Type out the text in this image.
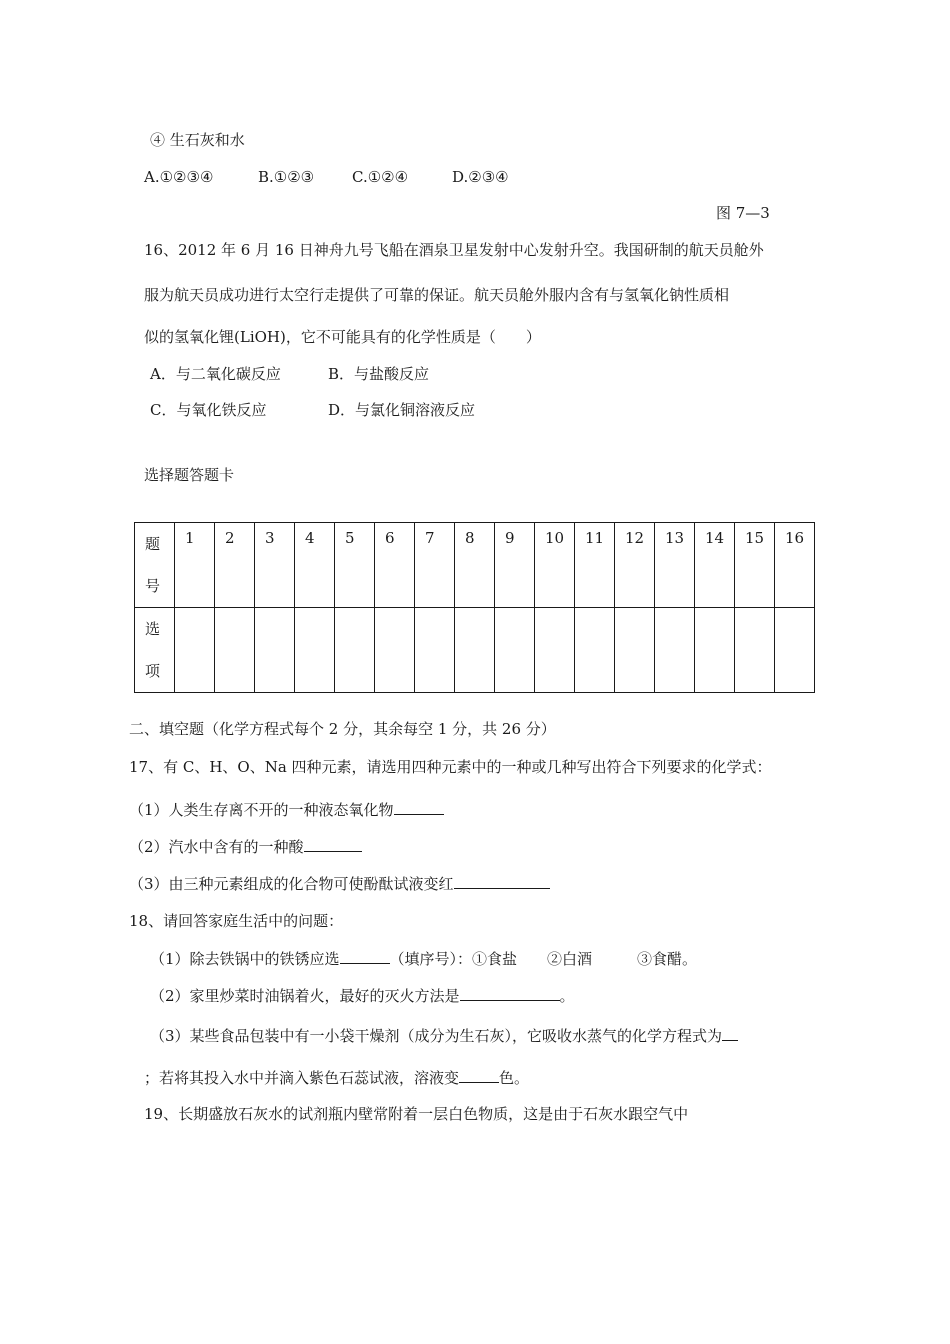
④ 生石灰和水
A.①②③④	B.①②③	C.①②④	D.②③④
图 7—3
16、2012 年 6 月 16 日神舟九号飞船在酒泉卫星发射中心发射升空。我国研制的航天员舱外
服为航天员成功进行太空行走提供了可靠的保证。航天员舱外服内含有与氢氧化钠性质相
似的氢氧化锂(LiOH)，它不可能具有的化学性质是（　　）
A．与二氧化碳反应	B．与盐酸反应
C．与氧化铁反应	D．与氯化铜溶液反应
选择题答题卡
题
号	1	2	3	4	5	6	7	8	9	10	11	12	13	14	15	16
选
项																
二、填空题（化学方程式每个 2 分，其余每空 1 分，共 26 分）
17、有 C、H、O、Na 四种元素，请选用四种元素中的一种或几种写出符合下列要求的化学式：
（1）人类生存离不开的一种液态氧化物
（2）汽水中含有的一种酸
（3）由三种元素组成的化合物可使酚酞试液变红
18、请回答家庭生活中的问题：
（1）除去铁锅中的铁锈应选	（填序号）：①食盐　　②白酒　　　③食醋。
（2）家里炒菜时油锅着火，最好的灭火方法是	。
（3）某些食品包装中有一小袋干燥剂（成分为生石灰），它吸收水蒸气的化学方程式为
；若将其投入水中并滴入紫色石蕊试液，溶液变	色。
19、长期盛放石灰水的试剂瓶内壁常附着一层白色物质，这是由于石灰水跟空气中
